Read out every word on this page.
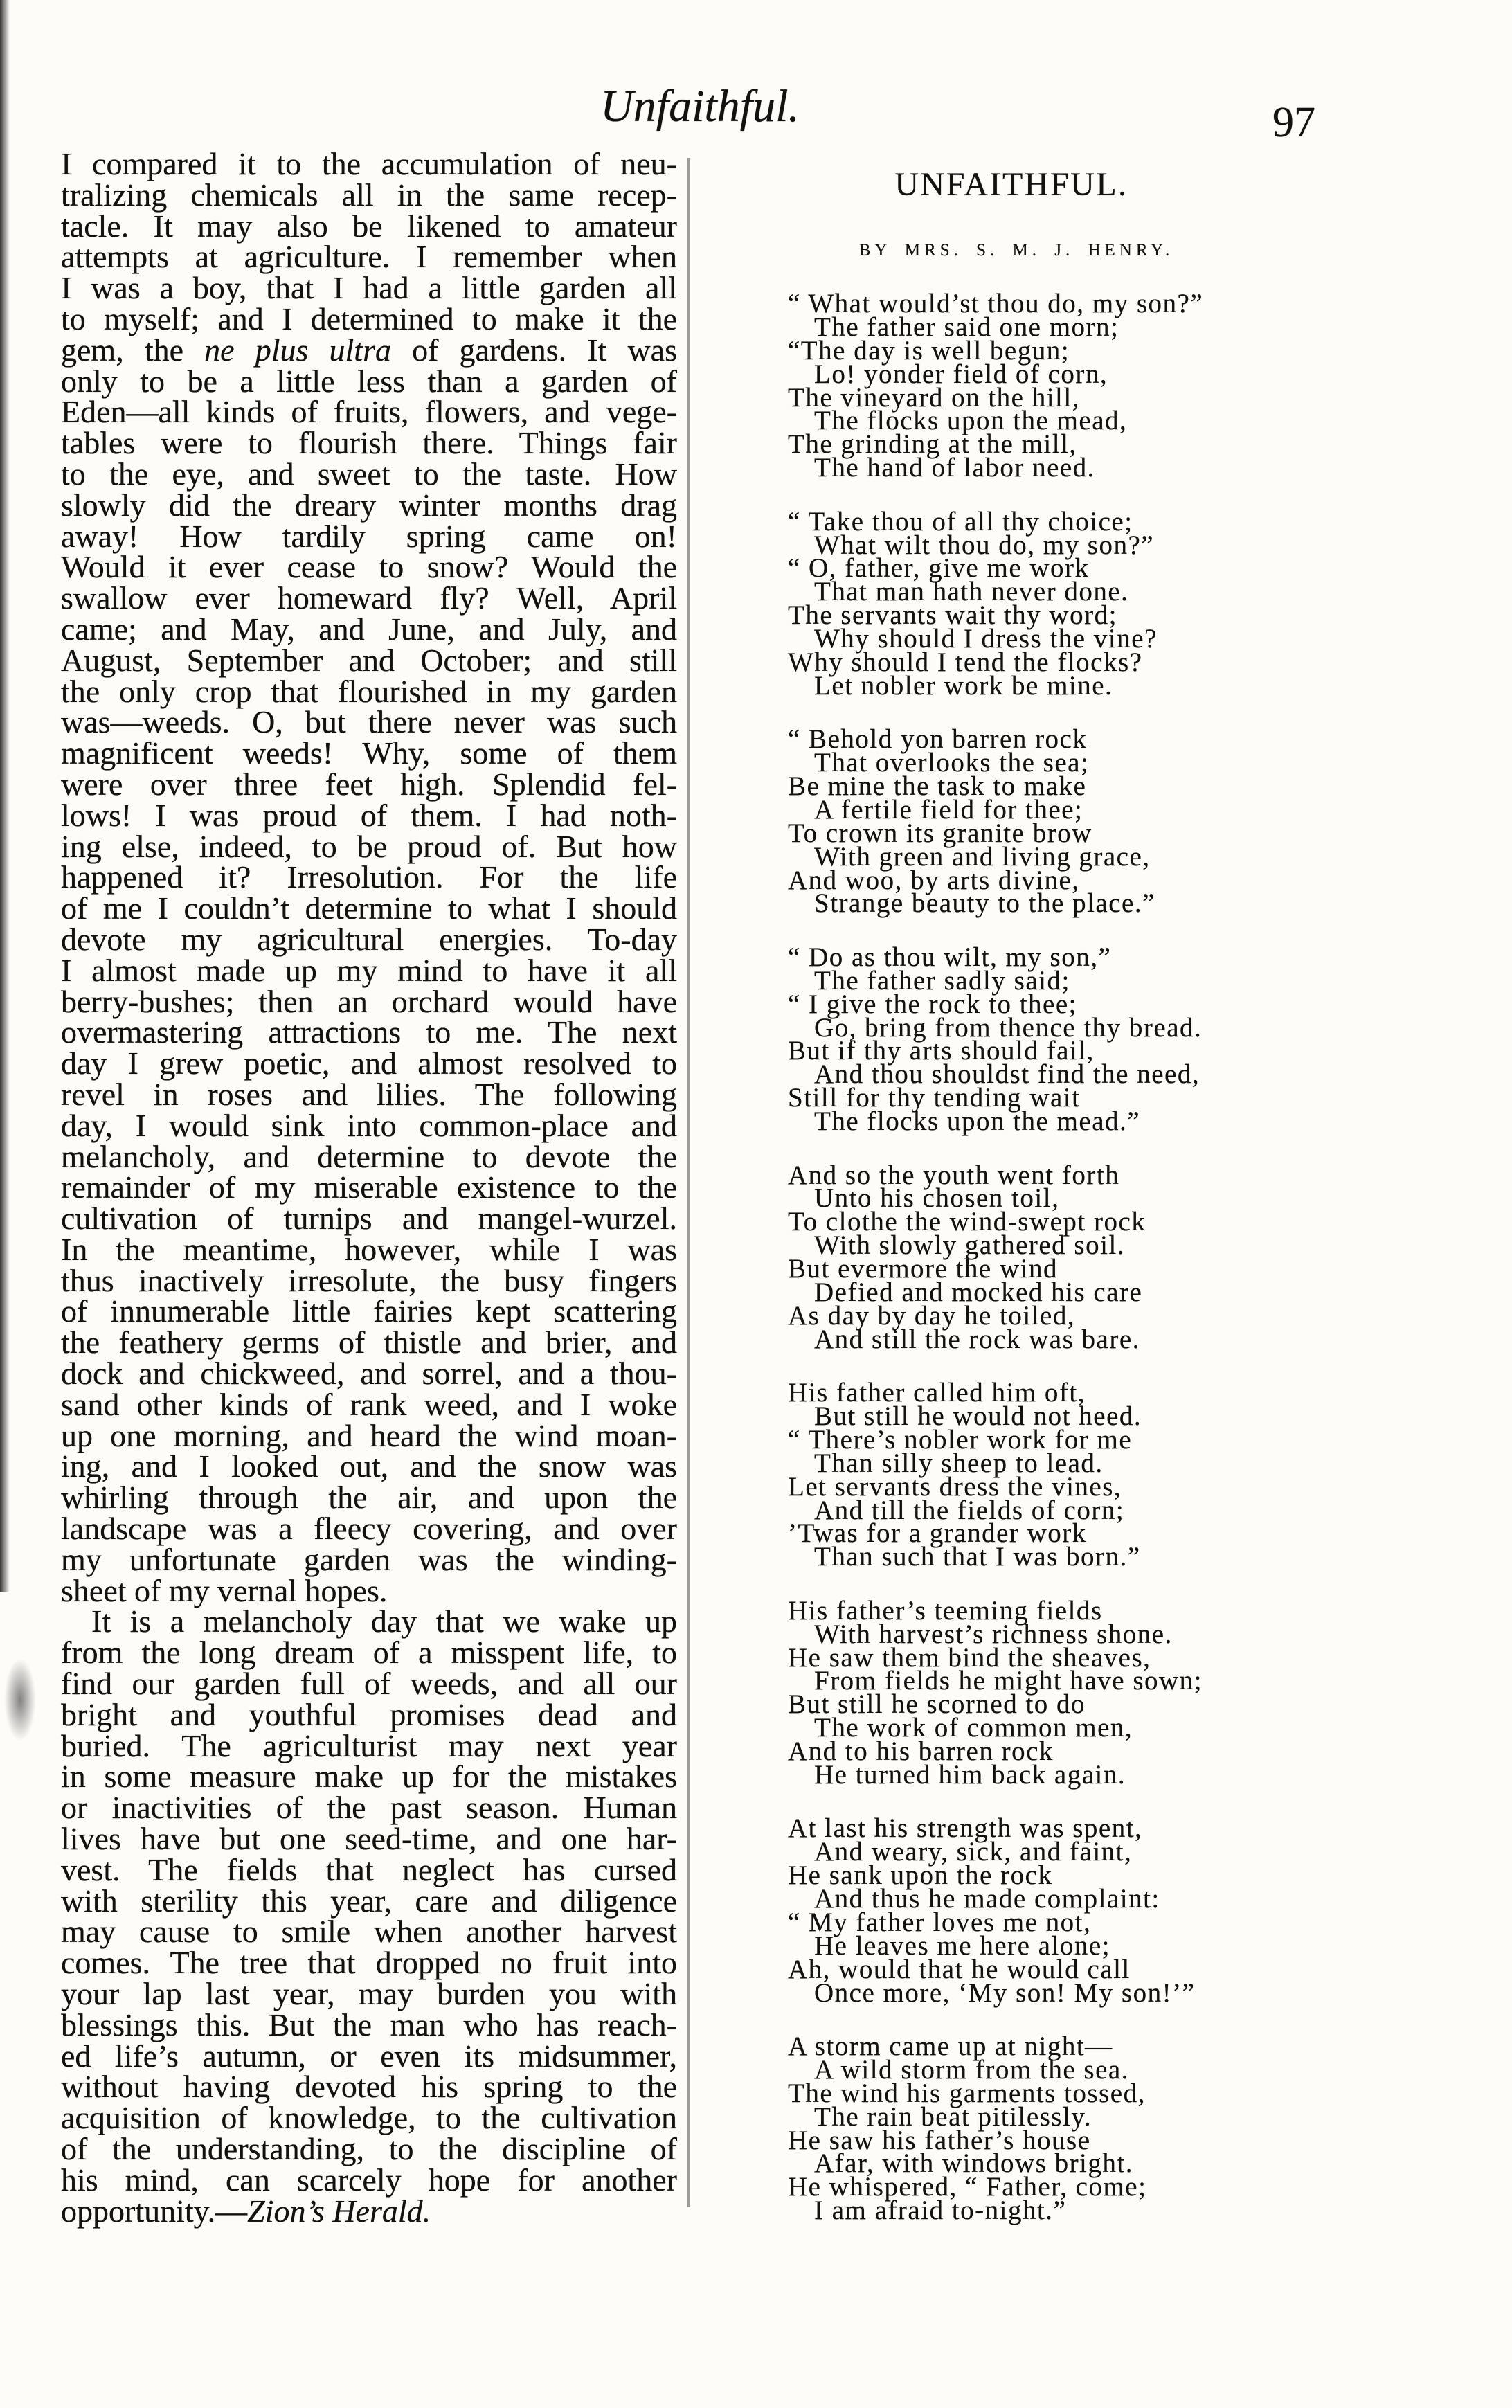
Unfaithful.	97
I compared it to the accumulation of neu-
tralizing chemicals all in the same recep-
tacle. It may also be likened to amateur
attempts at agriculture. I remember when
I was a boy, that I had a little garden all
to myself; and I determined to make it the
gem, the ne plus ultra of gardens. It was
only to be a little less than a garden of
Eden—all kinds of fruits, flowers, and vege-
tables were to flourish there. Things fair
to the eye, and sweet to the taste. How
slowly did the dreary winter months drag
away! How tardily spring came on!
Would it ever cease to snow? Would the
swallow ever homeward fly? Well, April
came; and May, and June, and July, and
August, September and October; and still
the only crop that flourished in my garden
was—weeds. O, but there never was such
magnificent weeds! Why, some of them
were over three feet high. Splendid fel-
lows! I was proud of them. I had noth-
ing else, indeed, to be proud of. But how
happened it? Irresolution. For the life
of me I couldn’t determine to what I should
devote my agricultural energies. To-day
I almost made up my mind to have it all
berry-bushes; then an orchard would have
overmastering attractions to me. The next
day I grew poetic, and almost resolved to
revel in roses and lilies. The following
day, I would sink into common-place and
melancholy, and determine to devote the
remainder of my miserable existence to the
cultivation of turnips and mangel-wurzel.
In the meantime, however, while I was
thus inactively irresolute, the busy fingers
of innumerable little fairies kept scattering
the feathery germs of thistle and brier, and
dock and chickweed, and sorrel, and a thou-
sand other kinds of rank weed, and I woke
up one morning, and heard the wind moan-
ing, and I looked out, and the snow was
whirling through the air, and upon the
landscape was a fleecy covering, and over
my unfortunate garden was the winding-
sheet of my vernal hopes.
It is a melancholy day that we wake up
from the long dream of a misspent life, to
find our garden full of weeds, and all our
bright and youthful promises dead and
buried. The agriculturist may next year
in some measure make up for the mistakes
or inactivities of the past season. Human
lives have but one seed-time, and one har-
vest. The fields that neglect has cursed
with sterility this year, care and diligence
may cause to smile when another harvest
comes. The tree that dropped no fruit into
your lap last year, may burden you with
blessings this. But the man who has reach-
ed life’s autumn, or even its midsummer,
without having devoted his spring to the
acquisition of knowledge, to the cultivation
of the understanding, to the discipline of
his mind, can scarcely hope for another
opportunity.—Zion’s Herald.
UNFAITHFUL.
BY MRS. S. M. J. HENRY.
“ What would’st thou do, my son?”
The father said one morn;
“The day is well begun;
Lo! yonder field of corn,
The vineyard on the hill,
The flocks upon the mead,
The grinding at the mill,
The hand of labor need.
“ Take thou of all thy choice;
What wilt thou do, my son?”
“ O, father, give me work
That man hath never done.
The servants wait thy word;
Why should I dress the vine?
Why should I tend the flocks?
Let nobler work be mine.
“ Behold yon barren rock
That overlooks the sea;
Be mine the task to make
A fertile field for thee;
To crown its granite brow
With green and living grace,
And woo, by arts divine,
Strange beauty to the place.”
“ Do as thou wilt, my son,”
The father sadly said;
“ I give the rock to thee;
Go, bring from thence thy bread.
But if thy arts should fail,
And thou shouldst find the need,
Still for thy tending wait
The flocks upon the mead.”
And so the youth went forth
Unto his chosen toil,
To clothe the wind-swept rock
With slowly gathered soil.
But evermore the wind
Defied and mocked his care
As day by day he toiled,
And still the rock was bare.
His father called him oft,
But still he would not heed.
“ There’s nobler work for me
Than silly sheep to lead.
Let servants dress the vines,
And till the fields of corn;
’Twas for a grander work
Than such that I was born.”
His father’s teeming fields
With harvest’s richness shone.
He saw them bind the sheaves,
From fields he might have sown;
But still he scorned to do
The work of common men,
And to his barren rock
He turned him back again.
At last his strength was spent,
And weary, sick, and faint,
He sank upon the rock
And thus he made complaint:
“ My father loves me not,
He leaves me here alone;
Ah, would that he would call
Once more, ‘My son! My son!’”
A storm came up at night—
A wild storm from the sea.
The wind his garments tossed,
The rain beat pitilessly.
He saw his father’s house
Afar, with windows bright.
He whispered, “ Father, come;
I am afraid to-night.”
